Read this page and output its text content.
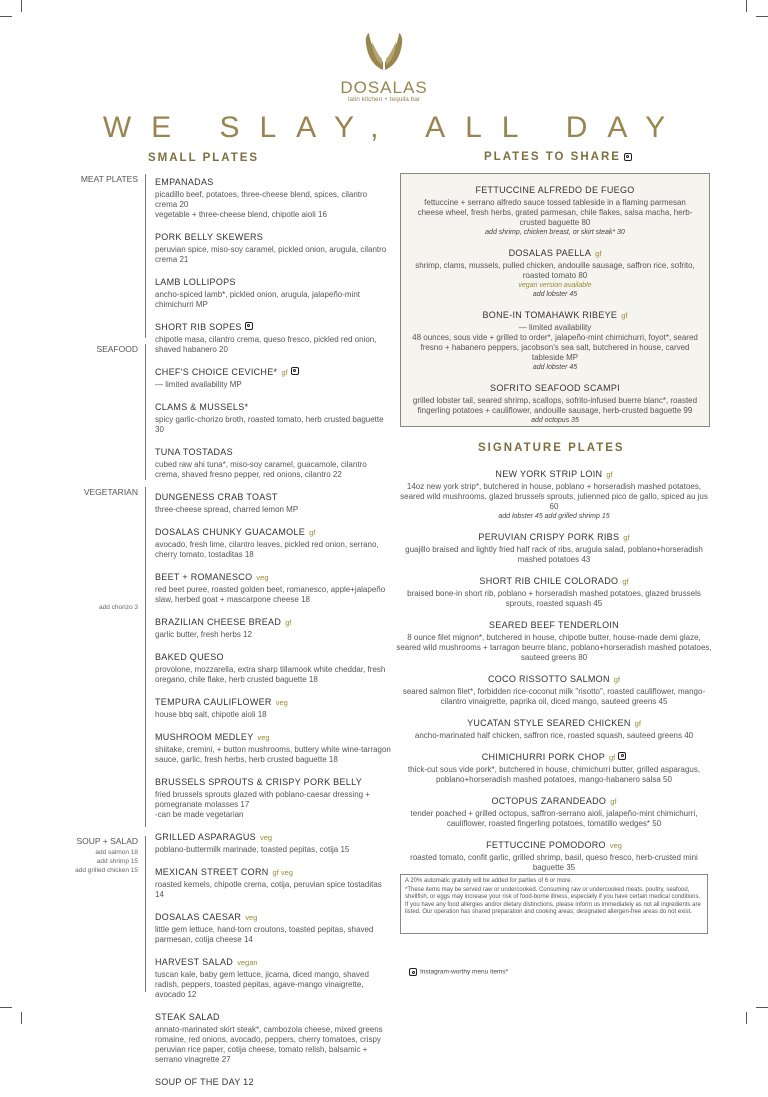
DOSALAS
latin kitchen + tequila bar
WE SLAY, ALL DAY
SMALL PLATES	PLATES TO SHARE
SIGNATURE PLATES
MEAT PLATES
SEAFOOD
VEGETARIAN
SOUP + SALAD
add chorizo 3
add salmon 18
add shrimp 15
add grilled chicken 15
EMPANADAS
picadillo beef, potatoes, three-cheese blend, spices, cilantro crema 20
vegetable + three-cheese blend, chipotle aioli 16
PORK BELLY SKEWERS
peruvian spice, miso-soy caramel, pickled onion, arugula, cilantro crema 21
LAMB LOLLIPOPS
ancho-spiced lamb*, pickled onion, arugula, jalapeño-mint chimichurri MP
SHORT RIB SOPES
chipotle masa, cilantro crema, queso fresco, pickled red onion, shaved habanero 20
CHEF'S CHOICE CEVICHE* gf
— limited availability MP
CLAMS & MUSSELS*
spicy garlic-chorizo broth, roasted tomato, herb crusted baguette 30
TUNA TOSTADAS
cubed raw ahi tuna*, miso-soy caramel, guacamole, cilantro crema, shaved fresno pepper, red onions, cilantro 22
DUNGENESS CRAB TOAST
three-cheese spread, charred lemon MP
DOSALAS CHUNKY GUACAMOLE gf
avocado, fresh lime, cilantro leaves, pickled red onion, serrano, cherry tomato, tostaditas 18
BEET + ROMANESCO veg
red beet puree, roasted golden beet, romanesco, apple+jalapeño slaw, herbed goat + mascarpone cheese 18
BRAZILIAN CHEESE BREAD gf
garlic butter, fresh herbs 12
BAKED QUESO
provolone, mozzarella, extra sharp tillamook white cheddar, fresh oregano, chile flake, herb crusted baguette 18
TEMPURA CAULIFLOWER veg
house bbq salt, chipotle aioli 18
MUSHROOM MEDLEY veg
shiitake, cremini, + button mushrooms, buttery white wine-tarragon sauce, garlic, fresh herbs, herb crusted baguette 18
BRUSSELS SPROUTS & CRISPY PORK BELLY
fried brussels sprouts glazed with poblano-caesar dressing + pomegranate molasses 17
-can be made vegetarian
GRILLED ASPARAGUS veg
poblano-buttermilk marinade, toasted pepitas, cotija 15
MEXICAN STREET CORN gf veg
roasted kernels, chipotle crema, cotija, peruvian spice tostaditas 14
DOSALAS CAESAR veg
little gem lettuce, hand-torn croutons, toasted pepitas, shaved parmesan, cotija cheese 14
HARVEST SALAD vegan
tuscan kale, baby gem lettuce, jicama, diced mango, shaved radish, peppers, toasted pepitas, agave-mango vinaigrette, avocado 12
STEAK SALAD
annato-marinated skirt steak*, cambozola cheese, mixed greens romaine, red onions, avocado, peppers, cherry tomatoes, crispy peruvian rice paper, cotija cheese, tomato relish, balsamic + serrano vinagrette 27
SOUP OF THE DAY 12
FETTUCCINE ALFREDO DE FUEGO
fettuccine + serrano alfredo sauce tossed tableside in a flaming parmesan cheese wheel, fresh herbs, grated parmesan, chile flakes, salsa macha, herb-crusted baguette 80
add shrimp, chicken breast, or skirt steak* 30
DOSALAS PAELLA gf
shrimp, clams, mussels, pulled chicken, andouille sausage, saffron rice, sofrito, roasted tomato 80
vegan version available
add lobster 45
BONE-IN TOMAHAWK RIBEYE gf
— limited availability
48 ounces, sous vide + grilled to order*, jalapeño-mint chimichurri, foyot*, seared fresno + habanero peppers, jacobson's sea salt, butchered in house, carved tableside MP
add lobster 45
SOFRITO SEAFOOD SCAMPI
grilled lobster tail, seared shrimp, scallops, sofrito-infused buerre blanc*, roasted fingerling potatoes + cauliflower, andouille sausage, herb-crusted baguette 99
add octopus 35
NEW YORK STRIP LOIN gf
14oz new york strip*, butchered in house, poblano + horseradish mashed potatoes, seared wild mushrooms, glazed brussels sprouts, julienned pico de gallo, spiced au jus 60
add lobster 45 add grilled shrimp 15
PERUVIAN CRISPY PORK RIBS gf
guajillo braised and lightly fried half rack of ribs, arugula salad, poblano+horseradish mashed potatoes 43
SHORT RIB CHILE COLORADO gf
braised bone-in short rib, poblano + horseradish mashed potatoes, glazed brussels sprouts, roasted squash 45
SEARED BEEF TENDERLOIN
8 ounce filet mignon*, butchered in house, chipotle butter, house-made demi glaze, seared wild mushrooms + tarragon beurre blanc, poblano+horseradish mashed potatoes, sauteed greens 80
COCO RISSOTTO SALMON gf
seared salmon filet*, forbidden rice-coconut milk "risotto", roasted cauliflower, mango-cilantro vinaigrette, paprika oil, diced mango, sauteed greens 45
YUCATAN STYLE SEARED CHICKEN gf
ancho-marinated half chicken, saffron rice, roasted squash, sauteed greens 40
CHIMICHURRI PORK CHOP gf
thick-cut sous vide pork*, butchered in house, chimichurri butter, grilled asparagus, poblano+horseradish mashed potatoes, mango-habanero salsa 50
OCTOPUS ZARANDEADO gf
tender poached + grilled octopus, saffron-serrano aioli, jalapeño-mint chimichurri, cauliflower, roasted fingerling potatoes, tomatillo wedges* 50
FETTUCCINE POMODORO veg
roasted tomato, confit garlic, grilled shrimp, basil, queso fresco, herb-crusted mini baguette 35

A 20% automatic gratuity will be added for parties of 6 or more.

*These items may be served raw or undercooked. Consuming raw or undercooked meats, poultry, seafood, shellfish, or eggs may increase your risk of food-borne illness, especially if you have certain medical conditions. If you have any food allergies and/or dietary distinctions, please inform us immediately as not all ingredients are listed. Our operation has shared preparation and cooking areas; designated allergen-free areas do not exist.

Instagram-worthy menu items*
